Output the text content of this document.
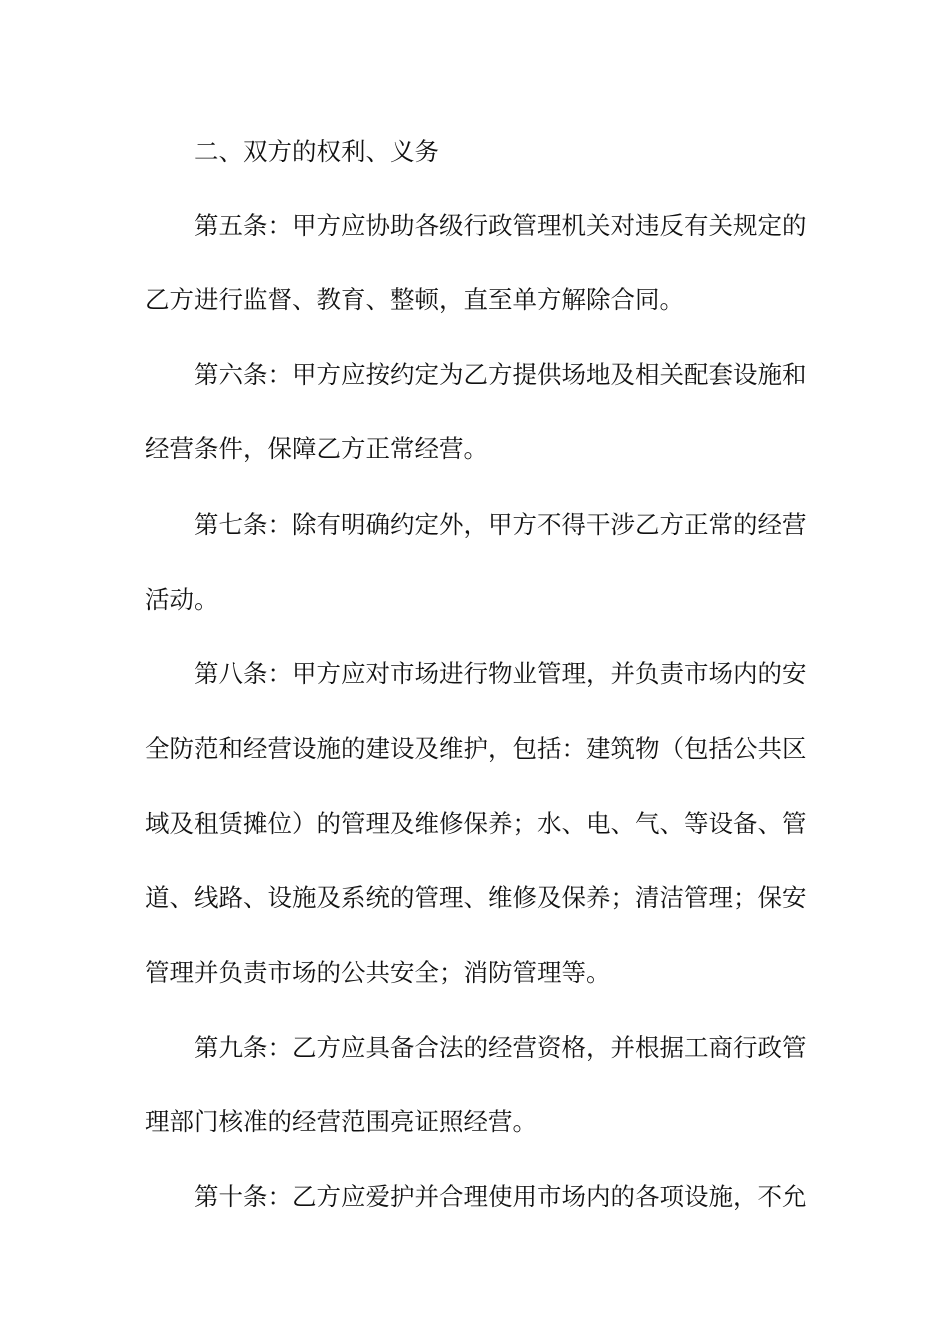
二、双方的权利、义务
第五条：甲方应协助各级行政管理机关对违反有关规定的
乙方进行监督、教育、整顿，直至单方解除合同。
第六条：甲方应按约定为乙方提供场地及相关配套设施和
经营条件，保障乙方正常经营。
第七条：除有明确约定外，甲方不得干涉乙方正常的经营
活动。
第八条：甲方应对市场进行物业管理，并负责市场内的安
全防范和经营设施的建设及维护，包括：建筑物（包括公共区
域及租赁摊位）的管理及维修保养；水、电、气、等设备、管
道、线路、设施及系统的管理、维修及保养；清洁管理；保安
管理并负责市场的公共安全；消防管理等。
第九条：乙方应具备合法的经营资格，并根据工商行政管
理部门核准的经营范围亮证照经营。
第十条：乙方应爱护并合理使用市场内的各项设施，不允
